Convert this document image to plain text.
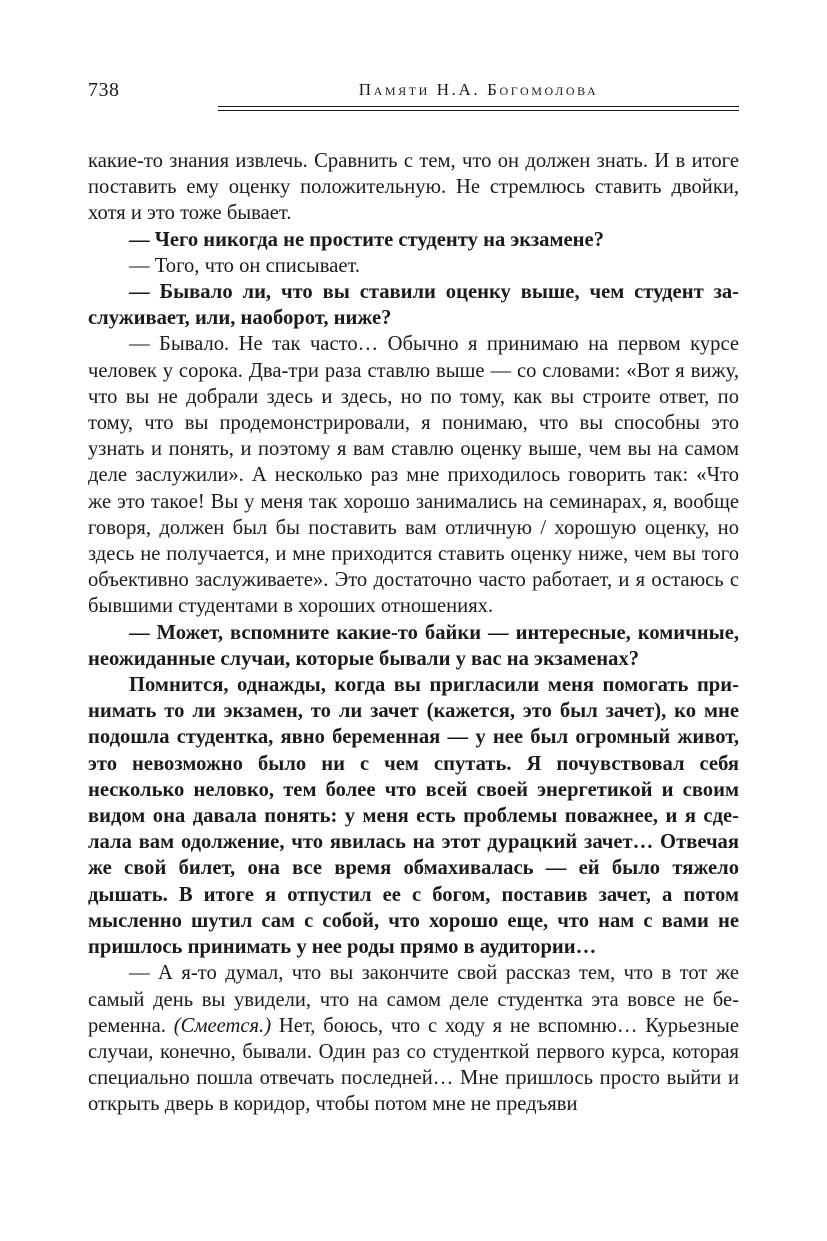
738	Памяти Н.А. Богомолова

какие-то знания извлечь. Сравнить с тем, что он должен знать. И в итоге поставить ему оценку положительную. Не стремлюсь ставить двойки, хотя и это тоже бывает.

— Чего никогда не простите студенту на экзамене?

— Того, что он списывает.

— Бывало ли, что вы ставили оценку выше, чем студент заслуживает, или, наоборот, ниже?

— Бывало. Не так часто… Обычно я принимаю на первом курсе человек у сорока. Два-три раза ставлю выше — со словами: «Вот я вижу, что вы не добрали здесь и здесь, но по тому, как вы строите ответ, по тому, что вы продемонстрировали, я понимаю, что вы способны это узнать и понять, и поэтому я вам ставлю оценку выше, чем вы на самом деле заслужили». А несколько раз мне приходилось говорить так: «Что же это такое! Вы у меня так хорошо занимались на семинарах, я, вообще говоря, должен был бы поставить вам отличную / хорошую оценку, но здесь не получается, и мне приходится ставить оценку ниже, чем вы того объективно заслуживаете». Это достаточно часто работает, и я остаюсь с бывшими студентами в хороших отношениях.

— Может, вспомните какие-то байки — интересные, комичные, неожиданные случаи, которые бывали у вас на экзаменах?

Помнится, однажды, когда вы пригласили меня помогать принимать то ли экзамен, то ли зачет (кажется, это был зачет), ко мне подошла студентка, явно беременная — у нее был огромный живот, это невозможно было ни с чем спутать. Я почувствовал себя несколько неловко, тем более что всей своей энергетикой и своим видом она давала понять: у меня есть проблемы поважнее, и я сделала вам одолжение, что явилась на этот дурацкий зачет… Отвечая же свой билет, она все время обмахивалась — ей было тяжело дышать. В итоге я отпустил ее с богом, поставив зачет, а потом мысленно шутил сам с собой, что хорошо еще, что нам с вами не пришлось принимать у нее роды прямо в аудитории…

— А я-то думал, что вы закончите свой рассказ тем, что в тот же самый день вы увидели, что на самом деле студентка эта вовсе не беременна. (Смеется.) Нет, боюсь, что с ходу я не вспомню… Курьезные случаи, конечно, бывали. Один раз со студенткой первого курса, которая специально пошла отвечать последней… Мне пришлось просто выйти и открыть дверь в коридор, чтобы потом мне не предъяви
